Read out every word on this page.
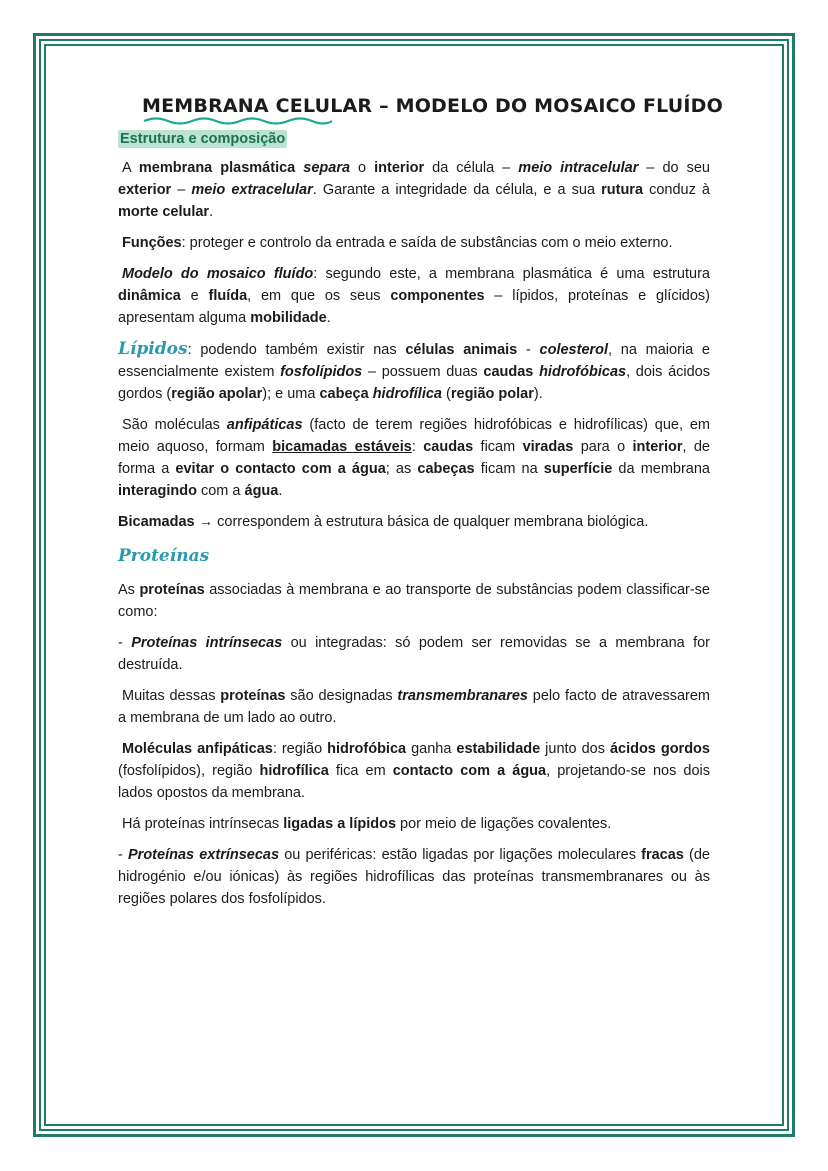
MEMBRANA CELULAR – MODELO DO MOSAICO FLUÍDO
Estrutura e composição

A membrana plasmática separa o interior da célula – meio intracelular – do seu exterior – meio extracelular. Garante a integridade da célula, e a sua rutura conduz à morte celular.

Funções: proteger e controlo da entrada e saída de substâncias com o meio externo.

Modelo do mosaico fluído: segundo este, a membrana plasmática é uma estrutura dinâmica e fluída, em que os seus componentes – lípidos, proteínas e glícidos) apresentam alguma mobilidade.

Lípidos: podendo também existir nas células animais - colesterol, na maioria e essencialmente existem fosfolípidos – possuem duas caudas hidrofóbicas, dois ácidos gordos (região apolar); e uma cabeça hidrofílica (região polar).

São moléculas anfipáticas (facto de terem regiões hidrofóbicas e hidrofílicas) que, em meio aquoso, formam bicamadas estáveis: caudas ficam viradas para o interior, de forma a evitar o contacto com a água; as cabeças ficam na superfície da membrana interagindo com a água.

Bicamadas → corresponde​m à estrutura básica de qualquer membrana biológica.

Proteínas

As proteínas associadas à membrana e ao transporte de substâncias podem classificar-se como:

- Proteínas intrínsecas ou integradas: só podem ser removidas se a membrana for destruída.

Muitas dessas proteínas são designadas transmembranares pelo facto de atravessarem a membrana de um lado ao outro.

Moléculas anfipáticas: região hidrofóbica ganha estabilidade junto dos ácidos gordos (fosfolípidos), região hidrofílica fica em contacto com a água, projetando-se nos dois lados opostos da membrana.

Há proteínas intrínsecas ligadas a lípidos por meio de ligações covalentes.

- Proteínas extrínsecas ou periféricas: estão ligadas por ligações moleculares fracas (de hidrogénio e/ou iónicas) às regiões hidrofílicas das proteínas transmembranares ou às regiões polares dos fosfolípidos.
